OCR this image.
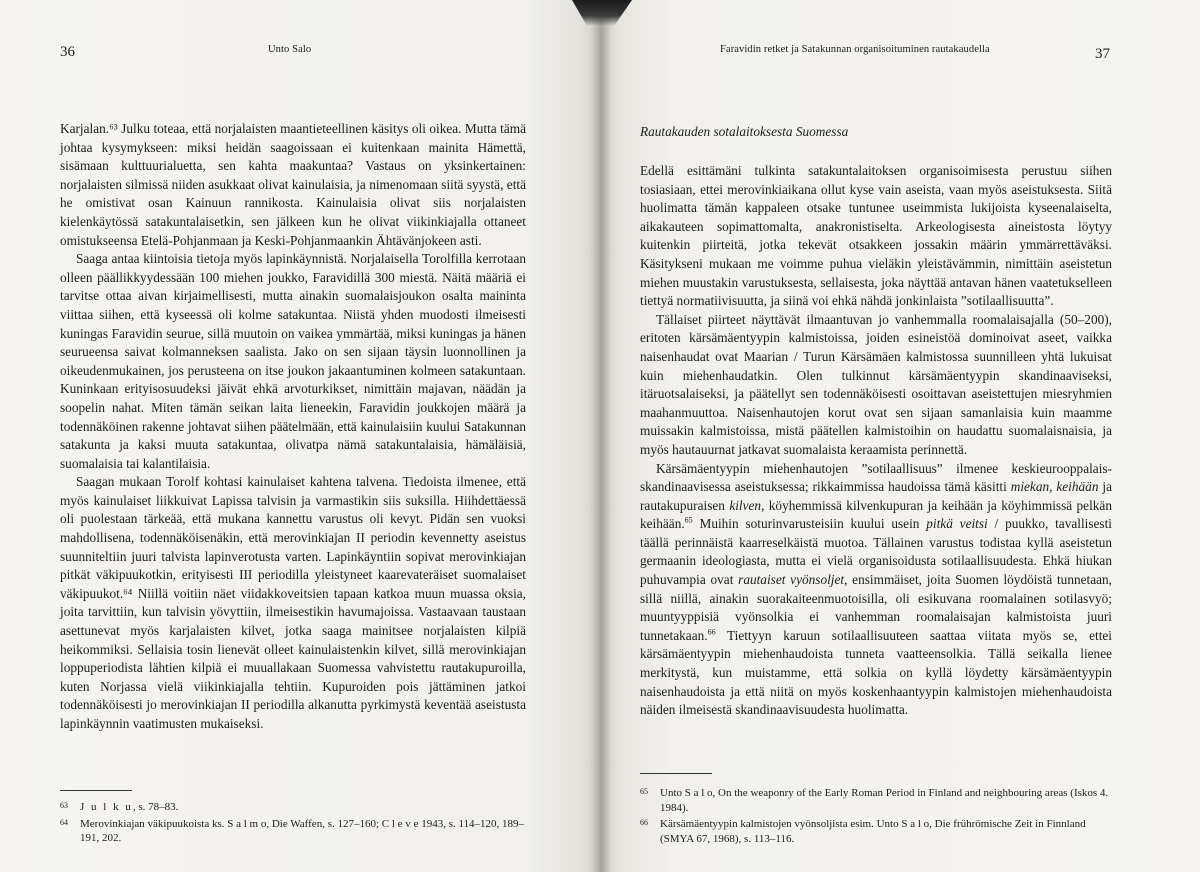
36	Unto Salo

Karjalan.⁶³ Julku toteaa, että norjalaisten maantieteellinen käsitys oli oikea. Mutta tämä johtaa kysymykseen: miksi heidän saagoissaan ei kuitenkaan mainita Hämettä, sisämaan kulttuurialuetta, sen kahta maakuntaa? Vastaus on yksinkertainen: norjalaisten silmissä niiden asukkaat olivat kainulaisia, ja nimenomaan siitä syystä, että he omistivat osan Kainuun rannikosta. Kainulaisia olivat siis norjalaisten kielenkäytössä satakuntalaisetkin, sen jälkeen kun he olivat viikinkiajalla ottaneet omistukseensa Etelä-Pohjanmaan ja Keski-Pohjanmaankin Ähtävänjokeen asti.

Saaga antaa kiintoisia tietoja myös lapinkäynnistä. Norjalaisella Torolfilla kerrotaan olleen päällikkyydessään 100 miehen joukko, Faravidillä 300 miestä. Näitä määriä ei tarvitse ottaa aivan kirjaimellisesti, mutta ainakin suomalaisjoukon osalta maininta viittaa siihen, että kyseessä oli kolme satakuntaa. Niistä yhden muodosti ilmeisesti kuningas Faravidin seurue, sillä muutoin on vaikea ymmärtää, miksi kuningas ja hänen seurueensa saivat kolmanneksen saalista. Jako on sen sijaan täysin luonnollinen ja oikeudenmukainen, jos perusteena on itse joukon jakaantuminen kolmeen satakuntaan. Kuninkaan erityisosuudeksi jäivät ehkä arvoturkikset, nimittäin majavan, näädän ja soopelin nahat. Miten tämän seikan laita lieneekin, Faravidin joukkojen määrä ja todennäköinen rakenne johtavat siihen päätelmään, että kainulaisiin kuului Satakunnan satakunta ja kaksi muuta satakuntaa, olivatpa nämä satakuntalaisia, hämäläisiä, suomalaisia tai kalantilaisia.

Saagan mukaan Torolf kohtasi kainulaiset kahtena talvena. Tiedoista ilmenee, että myös kainulaiset liikkuivat Lapissa talvisin ja varmastikin siis suksilla. Hiihdettäessä oli puolestaan tärkeää, että mukana kannettu varustus oli kevyt. Pidän sen vuoksi mahdollisena, todennäköisenäkin, että merovinkiajan II periodin kevennetty aseistus suunniteltiin juuri talvista lapinverotusta varten. Lapinkäyntiin sopivat merovinkiajan pitkät väkipuukotkin, erityisesti III periodilla yleistyneet kaarevateräiset suomalaiset väkipuukot.⁶⁴ Niillä voitiin näet viidakkoveitsien tapaan katkoa muun muassa oksia, joita tarvittiin, kun talvisin yövyttiin, ilmeisestikin havumajoissa. Vastaavaan taustaan asettunevat myös karjalaisten kilvet, jotka saaga mainitsee norjalaisten kilpiä heikommiksi. Sellaisia tosin lienevät olleet kainulaistenkin kilvet, sillä merovinkiajan loppuperiodista lähtien kilpiä ei muuallakaan Suomessa vahvistettu rautakupuroilla, kuten Norjassa vielä viikinkiajalla tehtiin. Kupuroiden pois jättäminen jatkoi todennäköisesti jo merovinkiajan II periodilla alkanutta pyrkimystä keventää aseistusta lapinkäynnin vaatimusten mukaiseksi.

63	J u l k u, s. 78–83.
64	Merovinkiajan väkipuukoista ks. S a l m o, Die Waffen, s. 127–160; C l e v e 1943, s. 114–120, 189–191, 202.
Faravidin retket ja Satakunnan organisoituminen rautakaudella	37
Rautakauden sotalaitoksesta Suomessa

Edellä esittämäni tulkinta satakuntalaitoksen organisoimisesta perustuu siihen tosiasiaan, ettei merovinkiaikana ollut kyse vain aseista, vaan myös aseistuksesta. Siitä huolimatta tämän kappaleen otsake tuntunee useimmista lukijoista kyseenalaiselta, aikakauteen sopimattomalta, anakronistiselta. Arkeologisesta aineistosta löytyy kuitenkin piirteitä, jotka tekevät otsakkeen jossakin määrin ymmärrettäväksi. Käsitykseni mukaan me voimme puhua vieläkin yleistävämmin, nimittäin aseistetun miehen muustakin varustuksesta, sellaisesta, joka näyttää antavan hänen vaatetukselleen tiettyä normatiivisuutta, ja siinä voi ehkä nähdä jonkinlaista ”sotilaallisuutta”.

Tällaiset piirteet näyttävät ilmaantuvan jo vanhemmalla roomalaisajalla (50–200), eritoten kärsämäentyypin kalmistoissa, joiden esineistöä dominoivat aseet, vaikka naisenhaudat ovat Maarian / Turun Kärsämäen kalmistossa suunnilleen yhtä lukuisat kuin miehenhaudatkin. Olen tulkinnut kärsämäentyypin skandinaaviseksi, itäruotsalaiseksi, ja päätellyt sen todennäköisesti osoittavan aseistettujen miesryhmien maahanmuuttoa. Naisenhautojen korut ovat sen sijaan samanlaisia kuin maamme muissakin kalmistoissa, mistä päätellen kalmistoihin on haudattu suomalaisnaisia, ja myös hautauurnat jatkavat suomalaista keraamista perinnettä.

Kärsämäentyypin miehenhautojen ”sotilaallisuus” ilmenee keskieurooppalais-skandinaavisessa aseistuksessa; rikkaimmissa haudoissa tämä käsitti miekan, keihään ja rautakupuraisen kilven, köyhemmissä kilvenkupuran ja keihään ja köyhimmissä pelkän keihään.$^{65}$ Muihin soturinvarusteisiin kuului usein pitkä veitsi / puukko, tavallisesti täällä perinnäistä kaarreselkäistä muotoa. Tällainen varustus todistaa kyllä aseistetun germaanin ideologiasta, mutta ei vielä organisoidusta sotilaallisuudesta. Ehkä hiukan puhuvampia ovat rautaiset vyönsoljet, ensimmäiset, joita Suomen löydöistä tunnetaan, sillä niillä, ainakin suorakaiteenmuotoisilla, oli esikuvana roomalainen sotilasvyö; muuntyyppisiä vyönsolkia ei vanhemman roomalaisajan kalmistoista juuri tunnetakaan.$^{66}$ Tiettyyn karuun sotilaallisuuteen saattaa viitata myös se, ettei kärsämäentyypin miehenhaudoista tunneta vaatteensolkia. Tällä seikalla lienee merkitystä, kun muistamme, että solkia on kyllä löydetty kärsämäentyypin naisenhaudoista ja että niitä on myös koskenhaantyypin kalmistojen miehenhaudoista näiden ilmeisestä skandinaavisuudesta huolimatta.

65	Unto S a l o, On the weaponry of the Early Roman Period in Finland and neighbouring areas (Iskos 4. 1984).
66	Kärsämäentyypin kalmistojen vyönsoljista esim. Unto S a l o, Die frührömische Zeit in Finnland (SMYA 67, 1968), s. 113–116.
